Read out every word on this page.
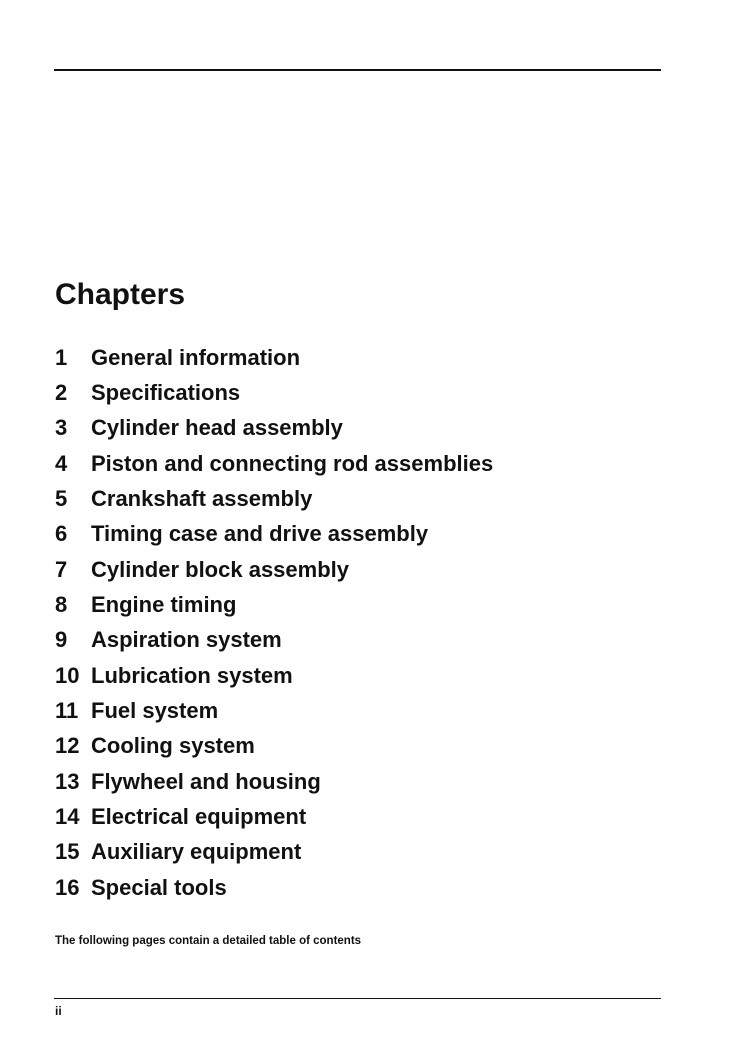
Chapters
1	General information
2	Specifications
3	Cylinder head assembly
4	Piston and connecting rod assemblies
5	Crankshaft assembly
6	Timing case and drive assembly
7	Cylinder block assembly
8	Engine timing
9	Aspiration system
10 Lubrication system
11 Fuel system
12 Cooling system
13 Flywheel and housing
14 Electrical equipment
15 Auxiliary equipment
16 Special tools

The following pages contain a detailed table of contents

ii
